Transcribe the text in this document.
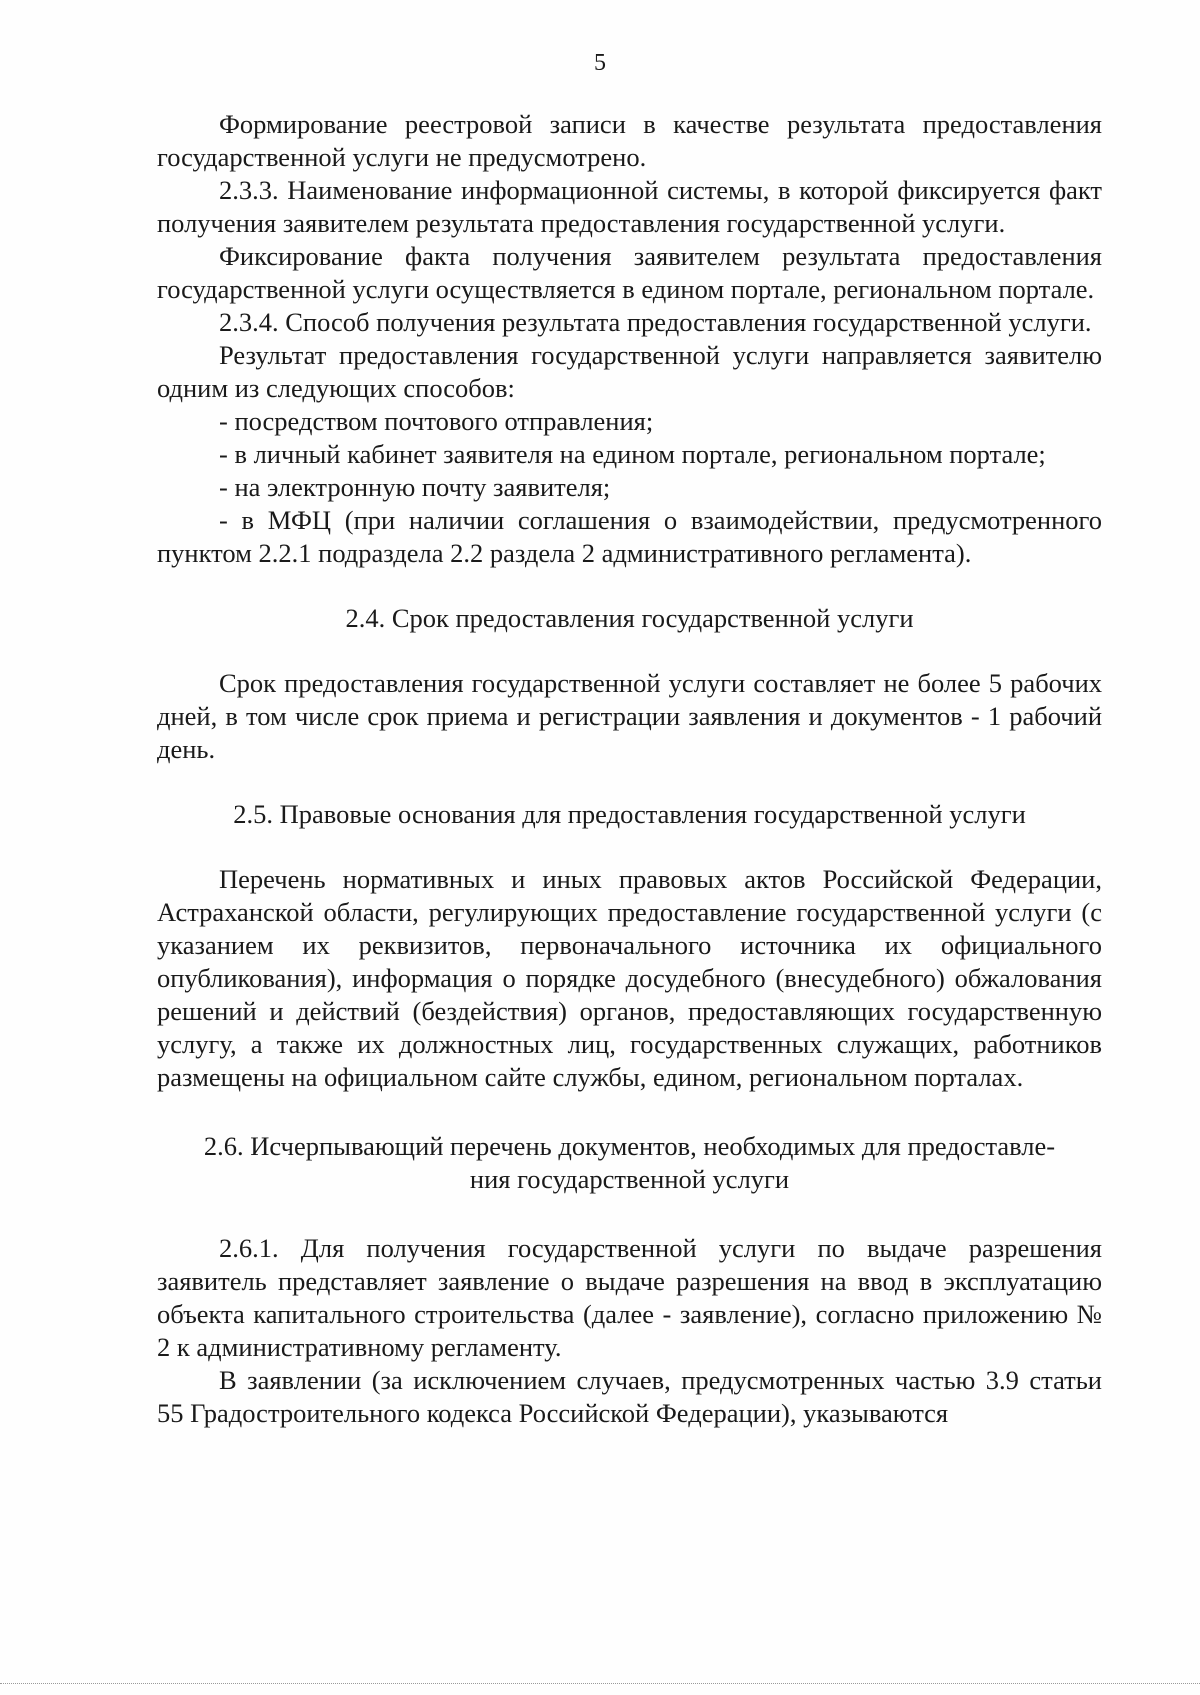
5

Формирование реестровой записи в качестве результата предоставления государственной услуги не предусмотрено.

2.3.3. Наименование информационной системы, в которой фиксируется факт получения заявителем результата предоставления государственной услуги.

Фиксирование факта получения заявителем результата предоставления государственной услуги осуществляется в едином портале, региональном портале.

2.3.4. Способ получения результата предоставления государственной услуги.

Результат предоставления государственной услуги направляется заявителю одним из следующих способов:

- посредством почтового отправления;

- в личный кабинет заявителя на едином портале, региональном портале;

- на электронную почту заявителя;

- в МФЦ (при наличии соглашения о взаимодействии, предусмотренного пунктом 2.2.1 подраздела 2.2 раздела 2 административного регламента).

2.4. Срок предоставления государственной услуги

Срок предоставления государственной услуги составляет не более 5 рабочих дней, в том числе срок приема и регистрации заявления и документов - 1 рабочий день.

2.5. Правовые основания для предоставления государственной услуги

Перечень нормативных и иных правовых актов Российской Федерации, Астраханской области, регулирующих предоставление государственной услуги (с указанием их реквизитов, первоначального источника их официального опубликования), информация о порядке досудебного (внесудебного) обжалования решений и действий (бездействия) органов, предоставляющих государственную услугу, а также их должностных лиц, государственных служащих, работников размещены на официальном сайте службы, едином, региональном порталах.

2.6. Исчерпывающий перечень документов, необходимых для предоставле-
ния государственной услуги

2.6.1. Для получения государственной услуги по выдаче разрешения заявитель представляет заявление о выдаче разрешения на ввод в эксплуатацию объекта капитального строительства (далее - заявление), согласно приложению № 2 к административному регламенту.

В заявлении (за исключением случаев, предусмотренных частью 3.9 статьи 55 Градостроительного кодекса Российской Федерации), указываются
